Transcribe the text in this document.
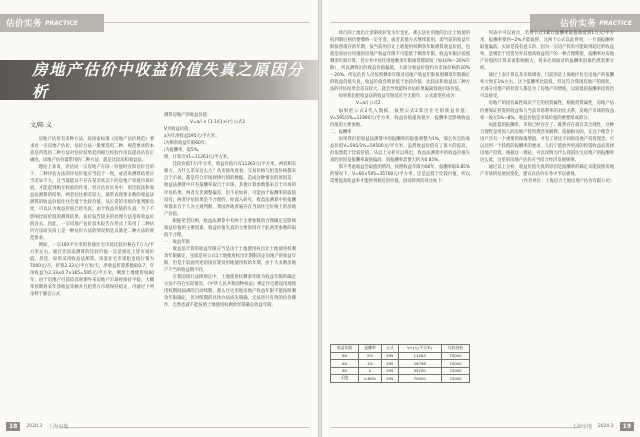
估价实务 PRACTICE
房地产估价中收益价值失真之原因分析
文/陈 义

房地产估价有多种方法，按国家标准《房地产估价规范》要求对一宗房地产估价，估价方法一般要选用二种，规范要求的本意是所选用二种方法对估价结果起到相互校验作用以提高估价正确度。房地产估价最常用的二种方法，就是比较法和收益法。

理论上来说，评估同一宗房地产在同一价值时点和估价目的下，二种评估方法的评估价值应当趋于一致，或者说测算结果应当差异不大，且当都能证不存在误差状态下的房地产客观市场价值，才能起到相互校验的作用。但在估价实务中，用比较法和收益法测算的结果，两者往往相差较大，通常表现要多数的收益法测算的收益价值往往会低于比较价值。从正常的市场价值判断角度，可以认为收益价值已经失真。由于收益价值的失真，为了不影响比较价值的测算结果，估价报告较多的处理方法是将收益价值舍去，因此，一宗房地产估价技术报告在形式上采用了二种估价方法而实质上是一种估价方法的情况相是以满足二种方法的规范要求。

例如，一宗100平方米的普通住宅市场比较价格在7万元/平方米左右，通过比较法测算的比较价值一定是接近上述市场价值。但是，如果采用收益法测算，该套住宅市场租金按行情为7000元/月，折算2.33元/平方米/天，净收益折算系数取0.7，年净收益为2.33×0.7×365=595元/平方米，剩余土地使用权60年，由于房地产目前较高时期外来房地产市场将保持平稳，大概率预期将来年净收益等额并且租赁在市场保持稳定，可通过下列净利于静态公式

测算房地产的收益价值：

V=a/i × [1-1/(1+i)ⁿ] 公式1

V为收益价值；

a为年净收益595元/平方米；

i为剩余收益年限60年；

i为报酬率，取5%；

则，计算出V1=11263元/平方米。

比较价值7万/平方米，收益价值只有11263元/平方米，两者相差极大，为什么差异这么大？从市场角度看，交易价格与租金价格都来自于市场，都是符合市场规律行情的数据，造成这种情况的原因是：收益法测算中只有报酬率取自于市场，其他计算参数都来自于市场的评估结果，两者无非调整偏差，但不论如何，可能由于报酬率的取值没有，两者评估结果是不合理的，经深入研究，收益法测算中的报酬率都来自于人为主观判断，我国各地普遍存在当前住宅价格上的房地产价值。

根据笔者归纳，收益法测算中有两个主要参数的合理确定是影响收益价值的主要因素，收益价值失真的主要原因存于此两类参数的取值不合理。

一、收益年限

收益法计算的收益年限应当是由于土地使用权出让土地使用权剩余年限确定，也就是说公式1土地使用权出让期限决定房地产的收益年限，但是于前面所述的国有建设用地使用权的年期，由于大多数房地产不当的收益期不同，

在我国现行法律规定中，土地使用权剩余年限为收益年限的确定方法不符合实际情况，《中华人民共和国物权法》规定住宅建设用地使用权期间届满的自动续期，那么住宅用地房地产收益年限不能按照剩余年限确定，但对续期的具体办法尚未明确，无法进行有效的估价操作，自然也就不能按照土地使用权剩余年限确定收益年限。

18	2020.3 上海房地
估价实务 PRACTICE

续行的土地出让金制度转变为年金化，那么居住用地的出让土地使用权到期后则仍要缴纳一定年金，或者其他方式继续使用，即当前的收益年限按照现存的年期，按当前的出让土地使用权剩余年限测算收益价值，也就是说居住用地的房地产收益年限不可能低于剩余年限，收益年限应按照剩余年限计算，但实务中居住用地剩余年限通常都较短（如10%～20%年限），所以测算出的收益价值偏低，大部分收益价值约为市场价格的10%～20%，所以估价人员按照剩余年限对房地产收益年限按照剩余年限确定的收益价值失真，收益价值会明显低于比较价值，比较法和收益法二种方法的评估结果会差异较大，就会导致最终评估结果偏离客观市场价值。

如果我们把收益法的收益年限延长至无限年，公式就变化成为：

V=a/i 公式2

如果把公式2代入数据，按照公式2算出住宅的收益价值：V=595/5%=11900元/平方米，收益价值提高很少，报酬率是影响收益价值的主要参数。

二、报酬率

如果我们把收益法测算中的报酬率的取值调整为1%，那么住宅的收益价值V=595/1%=59500元/平方米，虽然收益价值有了很大的提高，但依然低于比较价值，从以上分析可以得出，收益法测算中的收益价值失真的原因是报酬率取值偏高，而报酬率需要大约为0.85%。

那不考虑收益会取值的情况，按照收益年限为60年，报酬率取0.85%的情况下，V=60×595=35700元/平方米，还是远低于比较价值，所以需要提高收益率才能得到相近的价值，因而得到的对比如下：

收益年限	报酬率	公式	V=(元/平方米)	比较价值
60	5%	595	11263	70000
60	1%	595	26796	70000
60	0	595	35700	70000
无限	0.85%	595	70000	70000

列表中可以看出，若将公式1累计报酬率取值调低到1万元/平方米，报酬率要到~2%才能取得，这两个公式以此得到，一方面报酬率取值偏低，实际是没有意义的，因为一宗房产投资可能取得超过的收益率，是相比于投资另外其他高收益资产的一种合理期望，报酬率对房地产价值的计算来说影响极大，将来必须面对的报酬率因素仍然需要分析。

通过上表计算以及市场调查，目前的是上海地区住宅房地产的报酬率大致在1%左右，这个报酬率比较低，但这符合我国房地产的现状，大部分房地产的投资人都是为了房地产的增值，以较低的报酬率投资也可以接受。

房地产的固有属性取决于它的投资属性，根据投资属性，房地产估价要保证投资的收益率与当前市场利率的对比关系，房地产市场的收益率一般在5%~8%，收益价值是市场价值的重要组成部分。

如此低的报酬率，市场已经存在了，既然存在就有其合理性，这种合理性是用国人的房地产投资理念来解释，依据相关的，在这个理念下用户还有一个重要的保值增值，才有了对比不同的房地产投资理念，可以达到一个较低的报酬率的要求，人们宁愿放弃更高的投资收益而选择房地产投资，根据这一理论，可以说明为什么我国住宅房地产的报酬率这么低，这里的房地产估价应当结合经济发展规律。

通过以上分析，收益价值失真的原因是报酬率的确定未能按照房地产市场的发展而变化，建议在估价实务中予以重视。

（作者单位：上海房力土地房地产估价有限公司）

上海房地 2020.3	19
